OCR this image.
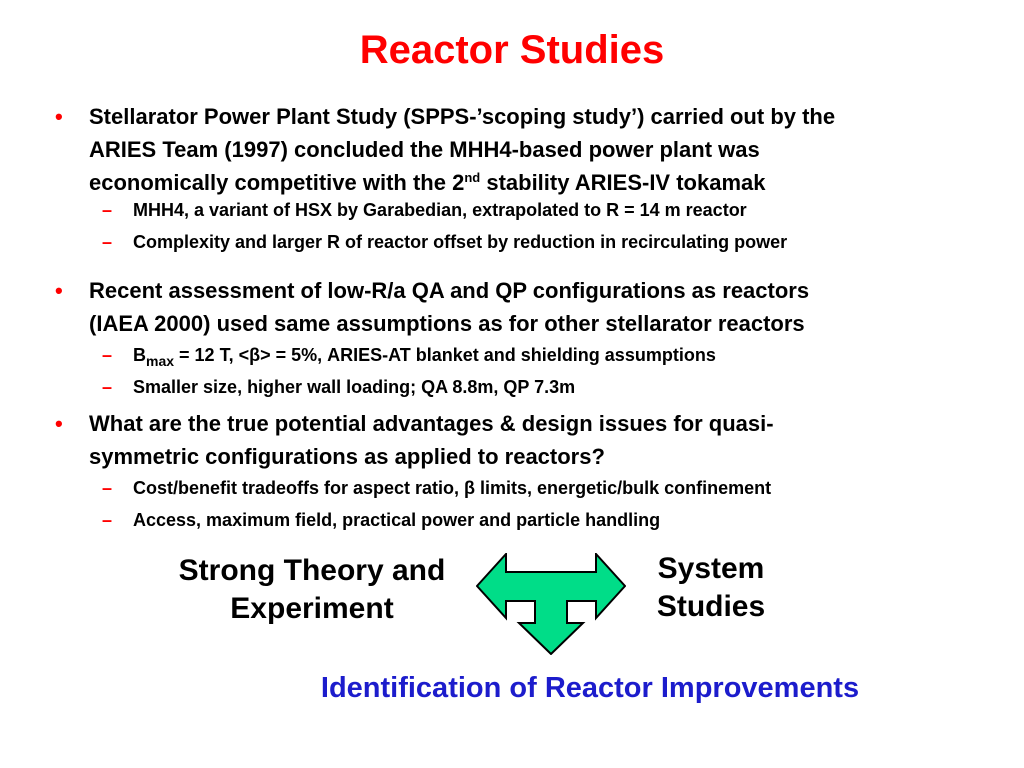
Reactor Studies
• Stellarator Power Plant Study (SPPS-’scoping study’) carried out by the
ARIES Team (1997) concluded the MHH4-based power plant was
economically competitive with the 2nd stability ARIES-IV tokamak
– MHH4, a variant of HSX by Garabedian, extrapolated to R = 14 m reactor
– Complexity and larger R of reactor offset by reduction in recirculating power
• Recent assessment of low-R/a QA and QP configurations as reactors
(IAEA 2000) used same assumptions as for other stellarator reactors
– $B_{max} = 12$ T, <β> = 5%, ARIES-AT blanket and shielding assumptions
– Smaller size, higher wall loading; QA 8.8m, QP 7.3m
• What are the true potential advantages & design issues for quasi-
symmetric configurations as applied to reactors?
– Cost/benefit tradeoffs for aspect ratio, β limits, energetic/bulk confinement
– Access, maximum field, practical power and particle handling
Strong Theory and
Experiment
System
Studies
Identification of Reactor Improvements
